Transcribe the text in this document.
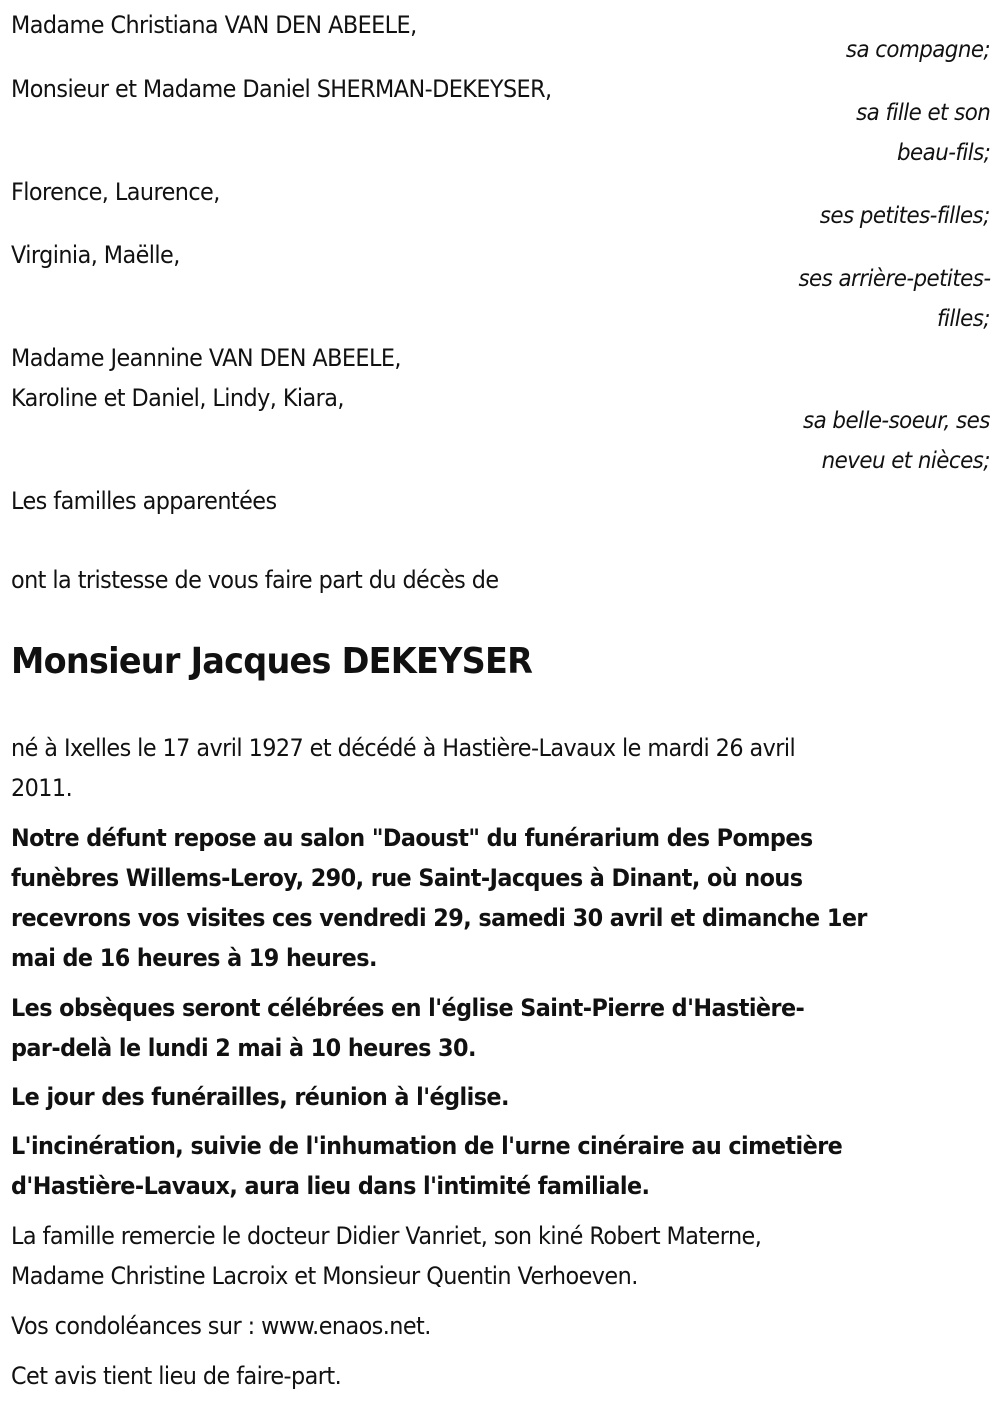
Madame Christiana VAN DEN ABEELE,
sa compagne;
Monsieur et Madame Daniel SHERMAN-DEKEYSER,
sa fille et son
beau-fils;
Florence, Laurence,
ses petites-filles;
Virginia, Maëlle,
ses arrière-petites-
filles;
Madame Jeannine VAN DEN ABEELE,
Karoline et Daniel, Lindy, Kiara,
sa belle-soeur, ses
neveu et nièces;
Les familles apparentées
ont la tristesse de vous faire part du décès de
Monsieur Jacques DEKEYSER
né à Ixelles le 17 avril 1927 et décédé à Hastière-Lavaux le mardi 26 avril
2011.
Notre défunt repose au salon "Daoust" du funérarium des Pompes
funèbres Willems-Leroy, 290, rue Saint-Jacques à Dinant, où nous
recevrons vos visites ces vendredi 29, samedi 30 avril et dimanche 1er
mai de 16 heures à 19 heures.
Les obsèques seront célébrées en l'église Saint-Pierre d'Hastière-
par-delà le lundi 2 mai à 10 heures 30.
Le jour des funérailles, réunion à l'église.
L'incinération, suivie de l'inhumation de l'urne cinéraire au cimetière
d'Hastière-Lavaux, aura lieu dans l'intimité familiale.
La famille remercie le docteur Didier Vanriet, son kiné Robert Materne,
Madame Christine Lacroix et Monsieur Quentin Verhoeven.
Vos condoléances sur : www.enaos.net.
Cet avis tient lieu de faire-part.
